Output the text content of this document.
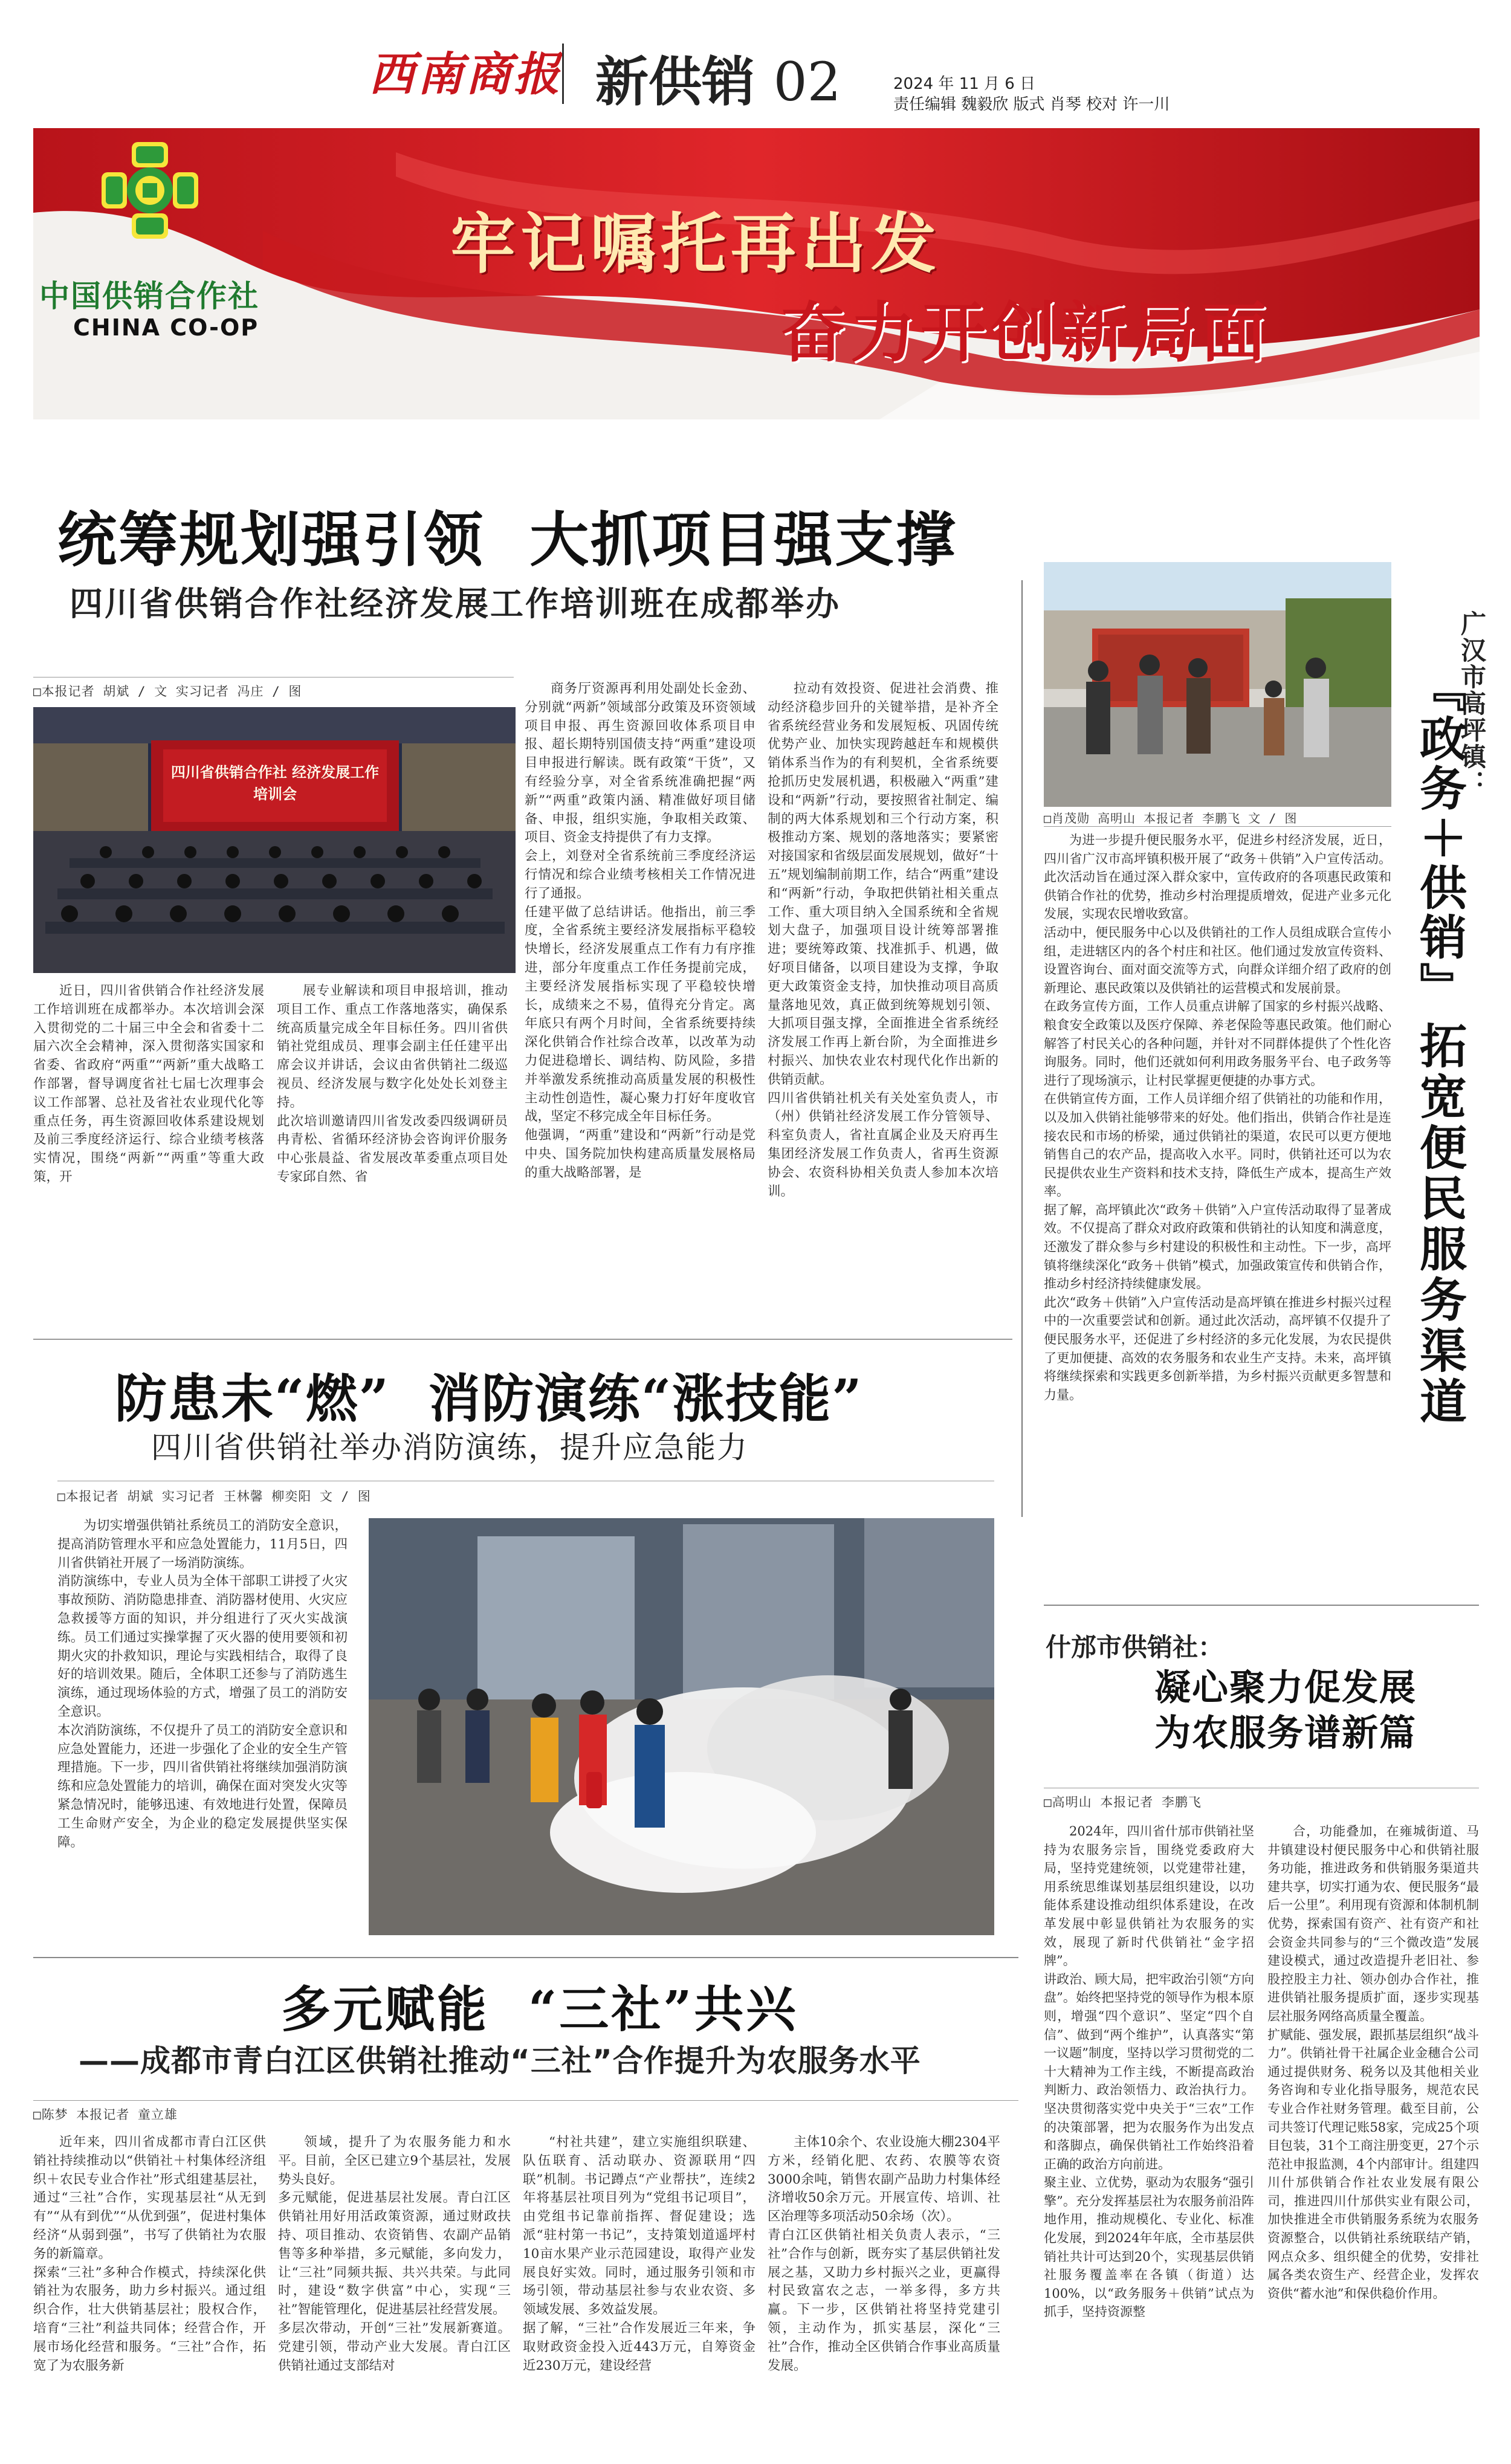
西南商报 新供销 02	2024 年 11 月 6 日
责任编辑 魏毅欣 版式 肖琴 校对 许一川
中国供销合作社
CHINA CO-OP
牢记嘱托再出发
奋力开创新局面
统筹规划强引领  大抓项目强支撑
四川省供销合作社经济发展工作培训班在成都举办
□本报记者 胡斌 / 文 实习记者 冯庄 / 图
四川省供销合作社 经济发展工作培训会
近日，四川省供销合作社经济发展工作培训班在成都举办。本次培训会深入贯彻党的二十届三中全会和省委十二届六次全会精神，深入贯彻落实国家和省委、省政府“两重”“两新”重大战略工作部署，督导调度省社七届七次理事会议工作部署、总社及省社农业现代化等重点任务，再生资源回收体系建设规划及前三季度经济运行、综合业绩考核落实情况，围绕“两新”“两重”等重大政策，开
展专业解读和项目申报培训，推动项目工作、重点工作落地落实，确保系统高质量完成全年目标任务。四川省供销社党组成员、理事会副主任任建平出席会议并讲话，会议由省供销社二级巡视员、经济发展与数字化处处长刘登主持。
此次培训邀请四川省发改委四级调研员冉青松、省循环经济协会咨询评价服务中心张晨益、省发展改革委重点项目处专家邱自然、省
商务厅资源再利用处副处长金劲、分别就“两新”领域部分政策及环资领域项目申报、再生资源回收体系项目申报、超长期特别国债支持“两重”建设项目申报进行解读。既有政策“干货”，又有经验分享，对全省系统准确把握“两新”“两重”政策内涵、精准做好项目储备、申报，组织实施，争取相关政策、项目、资金支持提供了有力支撑。
会上，刘登对全省系统前三季度经济运行情况和综合业绩考核相关工作情况进行了通报。
任建平做了总结讲话。他指出，前三季度，全省系统主要经济发展指标平稳较快增长，经济发展重点工作有力有序推进，部分年度重点工作任务提前完成，主要经济发展指标实现了平稳较快增长，成绩来之不易，值得充分肯定。离年底只有两个月时间，全省系统要持续深化供销合作社综合改革，以改革为动力促进稳增长、调结构、防风险，多措并举激发系统推动高质量发展的积极性主动性创造性，凝心聚力打好年度收官战，坚定不移完成全年目标任务。
他强调，“两重”建设和“两新”行动是党中央、国务院加快构建高质量发展格局的重大战略部署，是
拉动有效投资、促进社会消费、推动经济稳步回升的关键举措，是补齐全省系统经营业务和发展短板、巩固传统优势产业、加快实现跨越赶车和规模供销体系当作为的有利契机，全省系统要抢抓历史发展机遇，积极融入“两重”建设和“两新”行动，要按照省社制定、编制的两大体系规划和三个行动方案，积极推动方案、规划的落地落实；要紧密对接国家和省级层面发展规划，做好“十五”规划编制前期工作，结合“两重”建设和“两新”行动，争取把供销社相关重点工作、重大项目纳入全国系统和全省规划大盘子，加强项目设计统筹部署推进；要统筹政策、找准抓手、机遇，做好项目储备，以项目建设为支撑，争取更大政策资金支持，加快推动项目高质量落地见效，真正做到统筹规划引领、大抓项目强支撑，全面推进全省系统经济发展工作再上新台阶，为全面推进乡村振兴、加快农业农村现代化作出新的供销贡献。
四川省供销社机关有关处室负责人，市（州）供销社经济发展工作分管领导、科室负责人，省社直属企业及天府再生集团经济发展工作负责人，省再生资源协会、农资科协相关负责人参加本次培训。
□肖茂勋 高明山 本报记者 李鹏飞 文 / 图
广汉市高坪镇：
『政务＋供销』
拓宽便民服务渠道
为进一步提升便民服务水平，促进乡村经济发展，近日，四川省广汉市高坪镇积极开展了“政务＋供销”入户宣传活动。此次活动旨在通过深入群众家中，宣传政府的各项惠民政策和供销合作社的优势，推动乡村治理提质增效，促进产业多元化发展，实现农民增收致富。
活动中，便民服务中心以及供销社的工作人员组成联合宣传小组，走进辖区内的各个村庄和社区。他们通过发放宣传资料、设置咨询台、面对面交流等方式，向群众详细介绍了政府的创新理论、惠民政策以及供销社的运营模式和发展前景。
在政务宣传方面，工作人员重点讲解了国家的乡村振兴战略、粮食安全政策以及医疗保障、养老保险等惠民政策。他们耐心解答了村民关心的各种问题，并针对不同群体提供了个性化咨询服务。同时，他们还就如何利用政务服务平台、电子政务等进行了现场演示，让村民掌握更便捷的办事方式。
在供销宣传方面，工作人员详细介绍了供销社的功能和作用，以及加入供销社能够带来的好处。他们指出，供销合作社是连接农民和市场的桥梁，通过供销社的渠道，农民可以更方便地销售自己的农产品，提高收入水平。同时，供销社还可以为农民提供农业生产资料和技术支持，降低生产成本，提高生产效率。
据了解，高坪镇此次“政务＋供销”入户宣传活动取得了显著成效。不仅提高了群众对政府政策和供销社的认知度和满意度，还激发了群众参与乡村建设的积极性和主动性。下一步，高坪镇将继续深化“政务＋供销”模式，加强政策宣传和供销合作，推动乡村经济持续健康发展。
此次“政务＋供销”入户宣传活动是高坪镇在推进乡村振兴过程中的一次重要尝试和创新。通过此次活动，高坪镇不仅提升了便民服务水平，还促进了乡村经济的多元化发展，为农民提供了更加便捷、高效的农务服务和农业生产支持。未来，高坪镇将继续探索和实践更多创新举措，为乡村振兴贡献更多智慧和力量。
防患未“燃”  消防演练“涨技能”
四川省供销社举办消防演练，提升应急能力
□本报记者 胡斌 实习记者 王林馨 柳奕阳 文 / 图
为切实增强供销社系统员工的消防安全意识，提高消防管理水平和应急处置能力，11月5日，四川省供销社开展了一场消防演练。
消防演练中，专业人员为全体干部职工讲授了火灾事故预防、消防隐患排查、消防器材使用、火灾应急救援等方面的知识，并分组进行了灭火实战演练。员工们通过实操掌握了灭火器的使用要领和初期火灾的扑救知识，理论与实践相结合，取得了良好的培训效果。随后，全体职工还参与了消防逃生演练，通过现场体验的方式，增强了员工的消防安全意识。
本次消防演练，不仅提升了员工的消防安全意识和应急处置能力，还进一步强化了企业的安全生产管理措施。下一步，四川省供销社将继续加强消防演练和应急处置能力的培训，确保在面对突发火灾等紧急情况时，能够迅速、有效地进行处置，保障员工生命财产安全，为企业的稳定发展提供坚实保障。
什邡市供销社：
凝心聚力促发展
为农服务谱新篇
□高明山 本报记者 李鹏飞
2024年，四川省什邡市供销社坚持为农服务宗旨，围绕党委政府大局，坚持党建统领，以党建带社建，用系统思维谋划基层组织建设，以功能体系建设推动组织体系建设，在改革发展中彰显供销社为农服务的实效，展现了新时代供销社“金字招牌”。
讲政治、顾大局，把牢政治引领“方向盘”。始终把坚持党的领导作为根本原则，增强“四个意识”、坚定“四个自信”、做到“两个维护”，认真落实“第一议题”制度，坚持以学习贯彻党的二十大精神为工作主线，不断提高政治判断力、政治领悟力、政治执行力。坚决贯彻落实党中央关于“三农”工作的决策部署，把为农服务作为出发点和落脚点，确保供销社工作始终沿着正确的政治方向前进。
聚主业、立优势，驱动为农服务“强引擎”。充分发挥基层社为农服务前沿阵地作用，推动规模化、专业化、标准化发展，到2024年年底，全市基层供销社共计可达到20个，实现基层供销社服务覆盖率在各镇（街道）达100%，以“政务服务＋供销”试点为抓手，坚持资源整
合，功能叠加，在雍城街道、马井镇建设村便民服务中心和供销社服务功能，推进政务和供销服务渠道共建共享，切实打通为农、便民服务“最后一公里”。利用现有资源和体制机制优势，探索国有资产、社有资产和社会资金共同参与的“三个微改造”发展建设模式，通过改造提升老旧社、参股控股主力社、领办创办合作社，推进供销社服务提质扩面，逐步实现基层社服务网络高质量全覆盖。
扩赋能、强发展，跟抓基层组织“战斗力”。供销社骨干社属企业金穗合公司通过提供财务、税务以及其他相关业务咨询和专业化指导服务，规范农民专业合作社财务管理。截至目前，公司共签订代理记账58家，完成25个项目包装，31个工商注册变更，27个示范社申报监测，4个内部审计。组建四川什邡供销合作社农业发展有限公司，推进四川什邡供实业有限公司，加快推进全市供销服务系统为农服务资源整合，以供销社系统联结产销，网点众多、组织健全的优势，安排社属各类农资生产、经营企业，发挥农资供“蓄水池”和保供稳价作用。
多元赋能  “三社”共兴
——成都市青白江区供销社推动“三社”合作提升为农服务水平
□陈梦 本报记者 童立雄
近年来，四川省成都市青白江区供销社持续推动以“供销社＋村集体经济组织＋农民专业合作社”形式组建基层社，通过“三社”合作，实现基层社“从无到有”“从有到优”“从优到强”，促进村集体经济“从弱到强”，书写了供销社为农服务的新篇章。
探索“三社”多种合作模式，持续深化供销社为农服务，助力乡村振兴。通过组织合作，壮大供销基层社；股权合作，培育“三社”利益共同体；经营合作，开展市场化经营和服务。“三社”合作，拓宽了为农服务新
领域，提升了为农服务能力和水平。目前，全区已建立9个基层社，发展势头良好。
多元赋能，促进基层社发展。青白江区供销社用好用活政策资源，通过财政扶持、项目推动、农资销售、农副产品销售等多种举措，多元赋能，多向发力，让“三社”同频共振、共兴共荣。与此同时，建设“数字供富”中心，实现“三社”智能管理化，促进基层社经营发展。
多层次带动，开创“三社”发展新赛道。党建引领，带动产业大发展。青白江区供销社通过支部结对
“村社共建”，建立实施组织联建、队伍联育、活动联办、资源联用“四联”机制。书记蹲点“产业帮扶”，连续2年将基层社项目列为“党组书记项目”，由党组书记靠前指挥、督促建设；选派“驻村第一书记”，支持策划道遥坪村10亩水果产业示范园建设，取得产业发展良好实效。同时，通过服务引领和市场引领，带动基层社参与农业农资、多领域发展、多效益发展。
据了解，“三社”合作发展近三年来，争取财政资金投入近443万元，自筹资金近230万元，建设经营
主体10余个、农业设施大棚2304平方米，经销化肥、农药、农膜等农资3000余吨，销售农副产品助力村集体经济增收50余万元。开展宣传、培训、社区治理等多项活动50余场（次）。
青白江区供销社相关负责人表示，“三社”合作与创新，既夯实了基层供销社发展之基，又助力乡村振兴之业，更赢得村民致富农之志，一举多得，多方共赢。下一步，区供销社将坚持党建引领，主动作为，抓实基层，深化“三社”合作，推动全区供销合作事业高质量发展。
